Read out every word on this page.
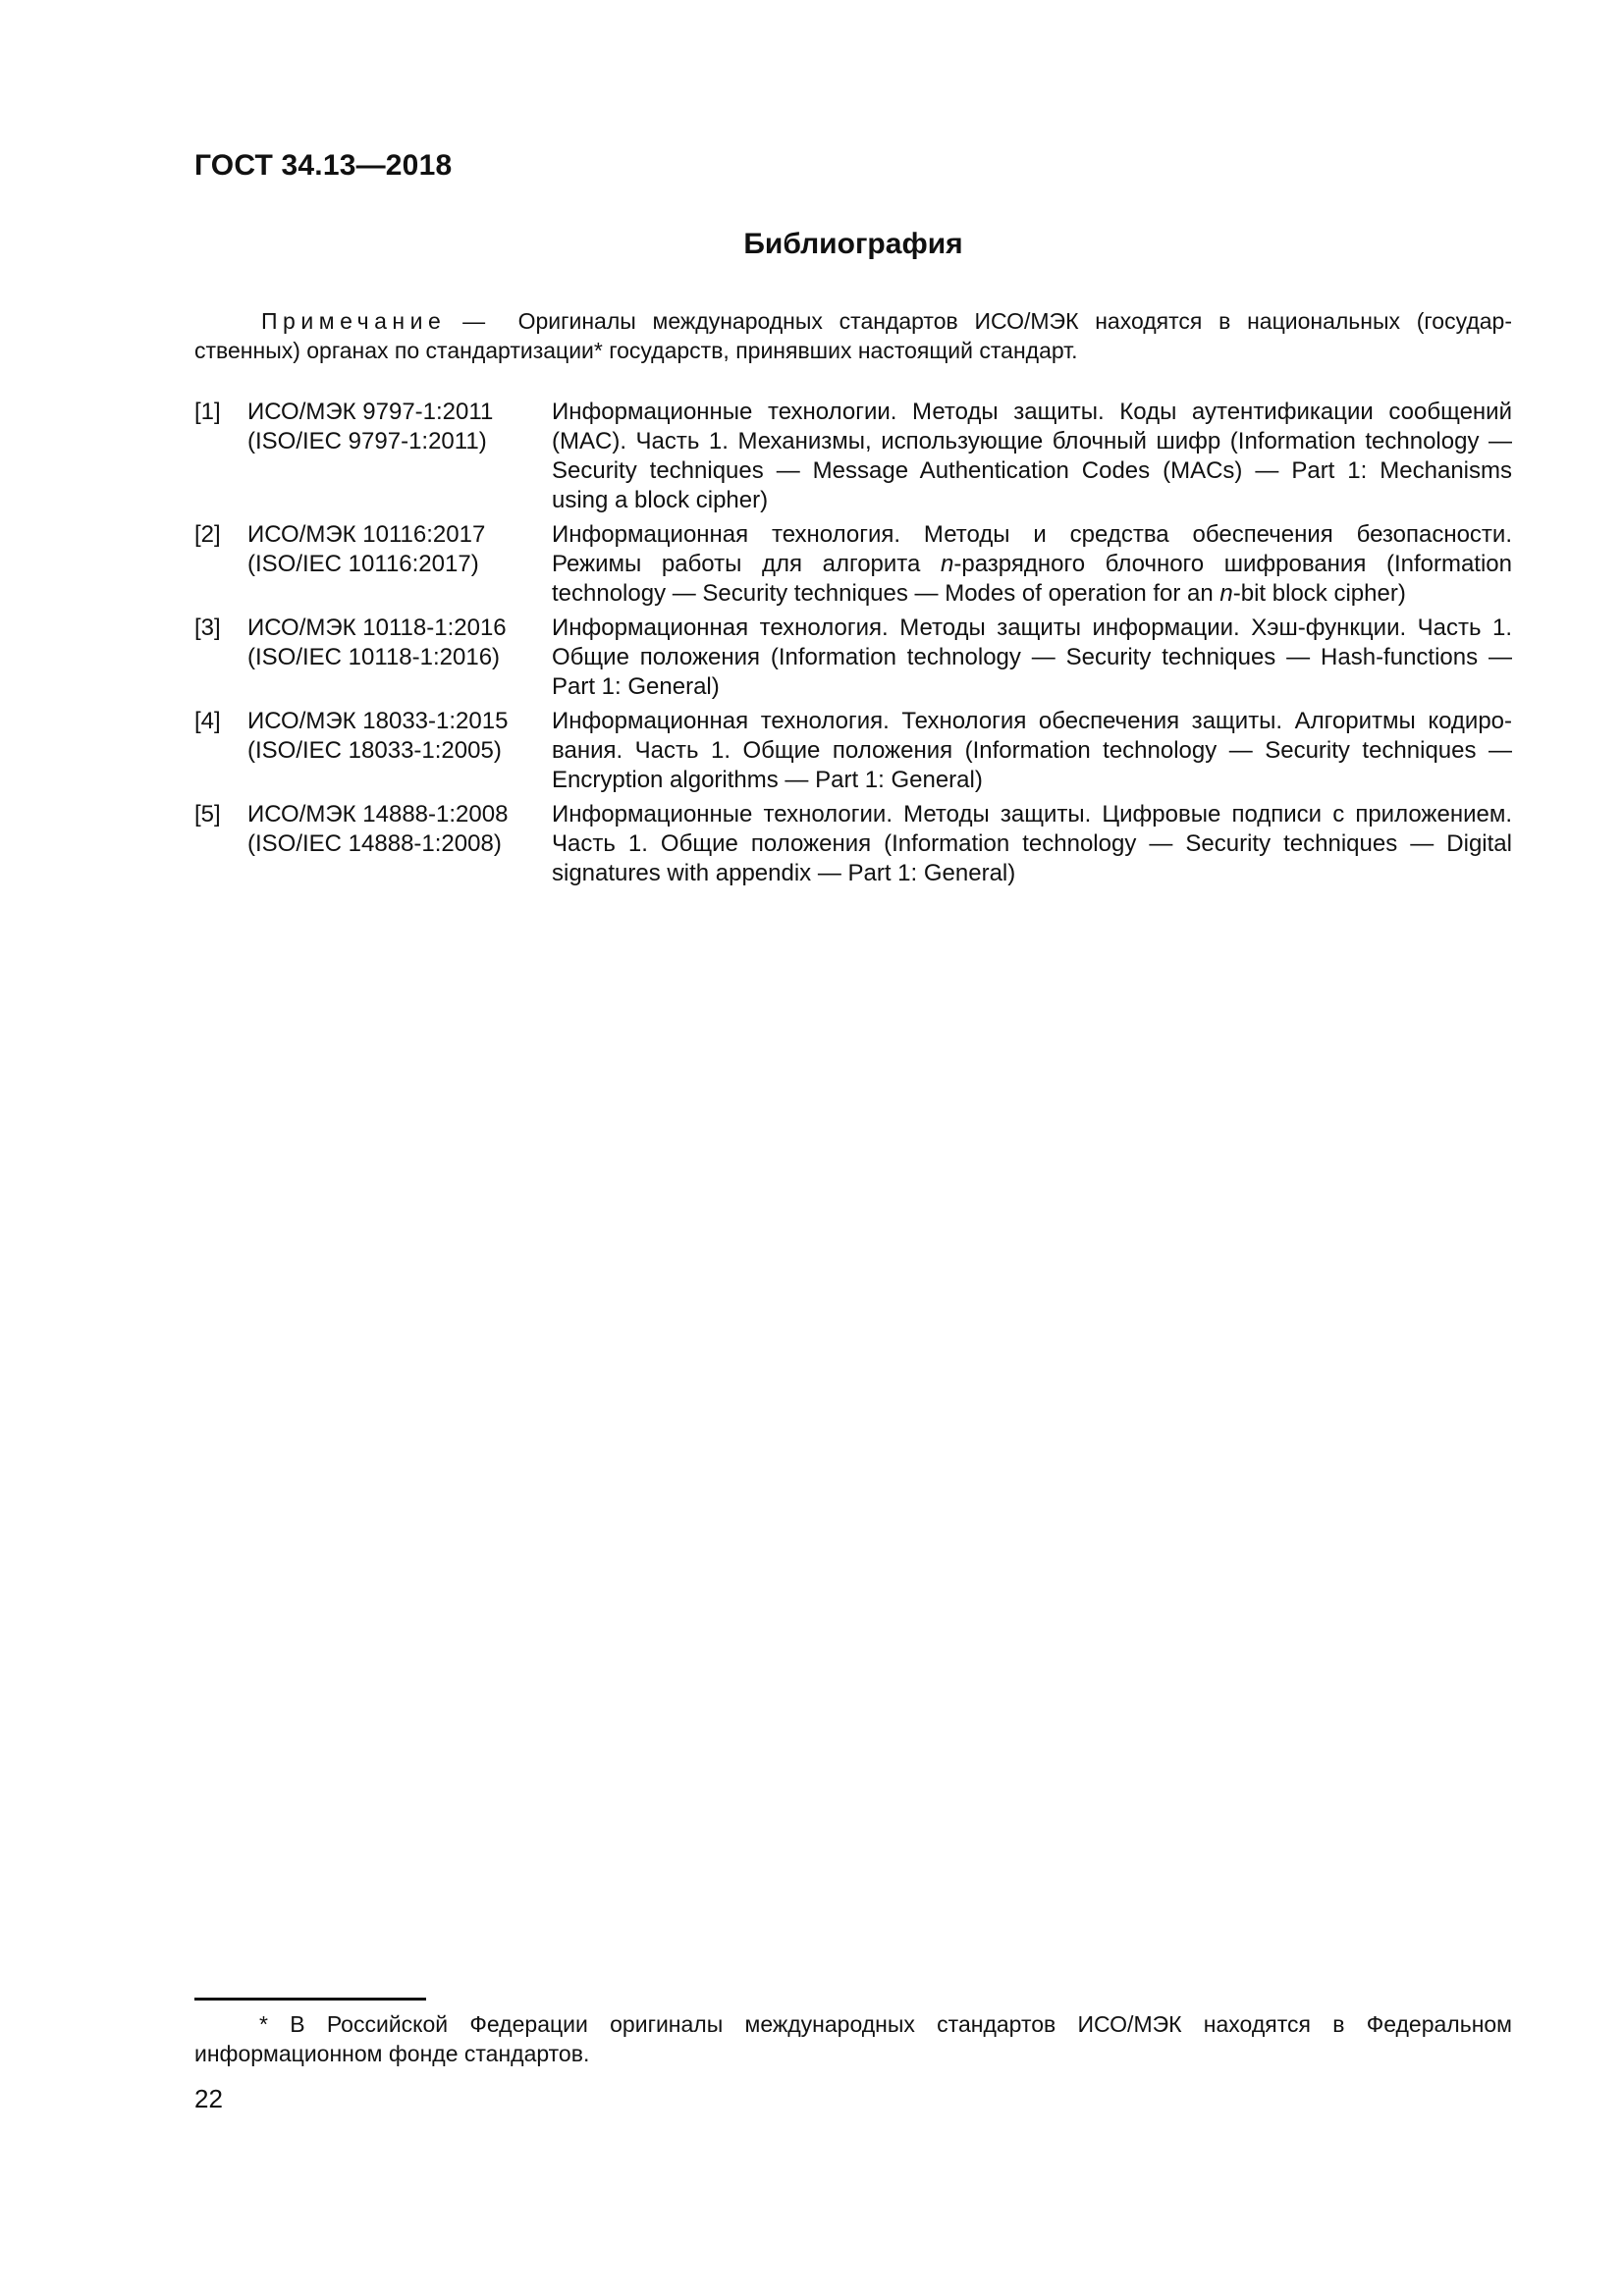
ГОСТ 34.13—2018
Библиография
Примечание —  Оригиналы международных стандартов ИСО/МЭК находятся в национальных (государ-
ственных) органах по стандартизации* государств, принявших настоящий стандарт.
[1]	ИСО/МЭК 9797-1:2011
(ISO/IEC 9797-1:2011)
Информационные технологии. Методы защиты. Коды аутентификации сообщений
(MAC). Часть 1. Механизмы, использующие блочный шифр (Information technology —
Security techniques — Message Authentication Codes (MACs) — Part 1: Mechanisms
using a block cipher)
[2]	ИСО/МЭК 10116:2017
(ISO/IEC 10116:2017)
Информационная технология. Методы и средства обеспечения безопасности.
Режимы работы для алгорита n-разрядного блочного шифрования (Information
technology — Security techniques — Modes of operation for an n-bit block cipher)
[3]	ИСО/МЭК 10118-1:2016
(ISO/IEC 10118-1:2016)
Информационная технология. Методы защиты информации. Хэш-функции. Часть 1.
Общие положения (Information technology — Security techniques — Hash-functions —
Part 1: General)
[4]	ИСО/МЭК 18033-1:2015
(ISO/IEC 18033-1:2005)
Информационная технология. Технология обеспечения защиты. Алгоритмы кодиро-
вания. Часть 1. Общие положения (Information technology — Security techniques —
Encryption algorithms — Part 1: General)
[5]	ИСО/МЭК 14888-1:2008
(ISO/IEC 14888-1:2008)
Информационные технологии. Методы защиты. Цифровые подписи с приложением.
Часть 1. Общие положения (Information technology — Security techniques — Digital
signatures with appendix — Part 1: General)
* В Российской Федерации оригиналы международных стандартов ИСО/МЭК находятся в Федеральном
информационном фонде стандартов.
22
